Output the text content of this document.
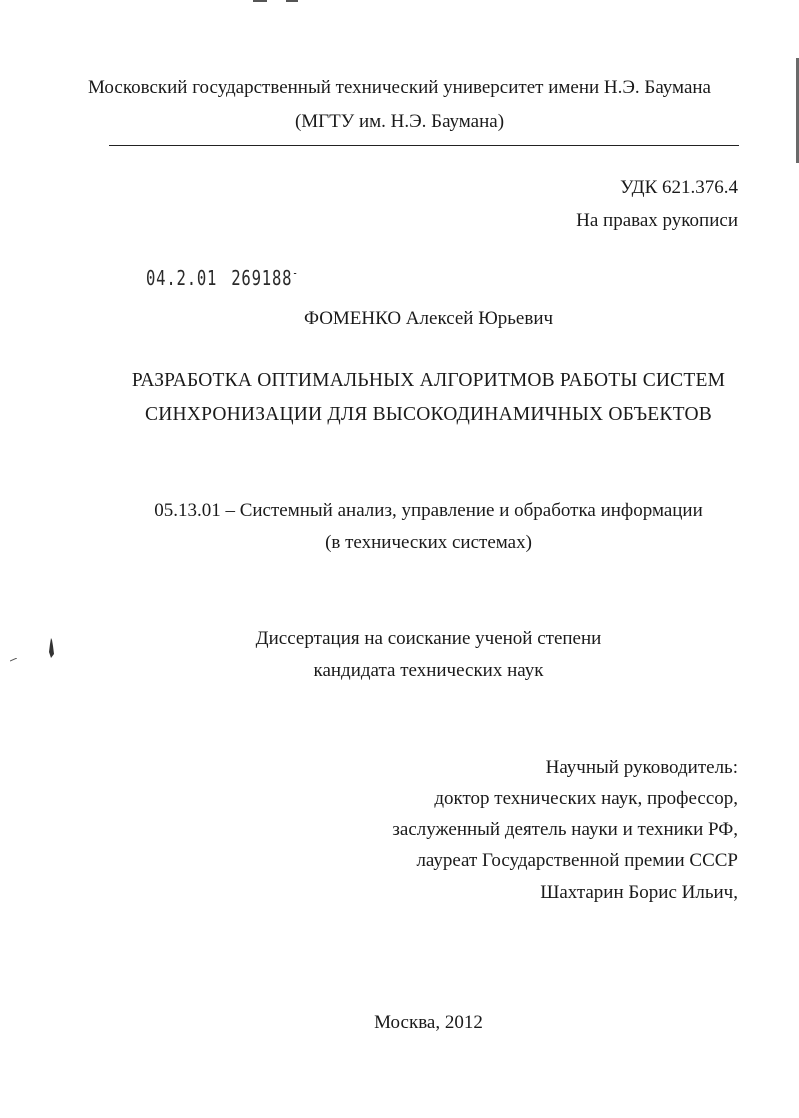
Московский государственный технический университет имени Н.Э. Баумана
(МГТУ им. Н.Э. Баумана)
УДК 621.376.4
На правах рукописи
04.2.01 269188-
ФОМЕНКО Алексей Юрьевич
РАЗРАБОТКА ОПТИМАЛЬНЫХ АЛГОРИТМОВ РАБОТЫ СИСТЕМ
СИНХРОНИЗАЦИИ ДЛЯ ВЫСОКОДИНАМИЧНЫХ ОБЪЕКТОВ
05.13.01 – Системный анализ, управление и обработка информации
(в технических системах)
Диссертация на соискание ученой степени
кандидата технических наук
Научный руководитель:
доктор технических наук, профессор,
заслуженный деятель науки и техники РФ,
лауреат Государственной премии СССР
Шахтарин Борис Ильич,
Москва, 2012
